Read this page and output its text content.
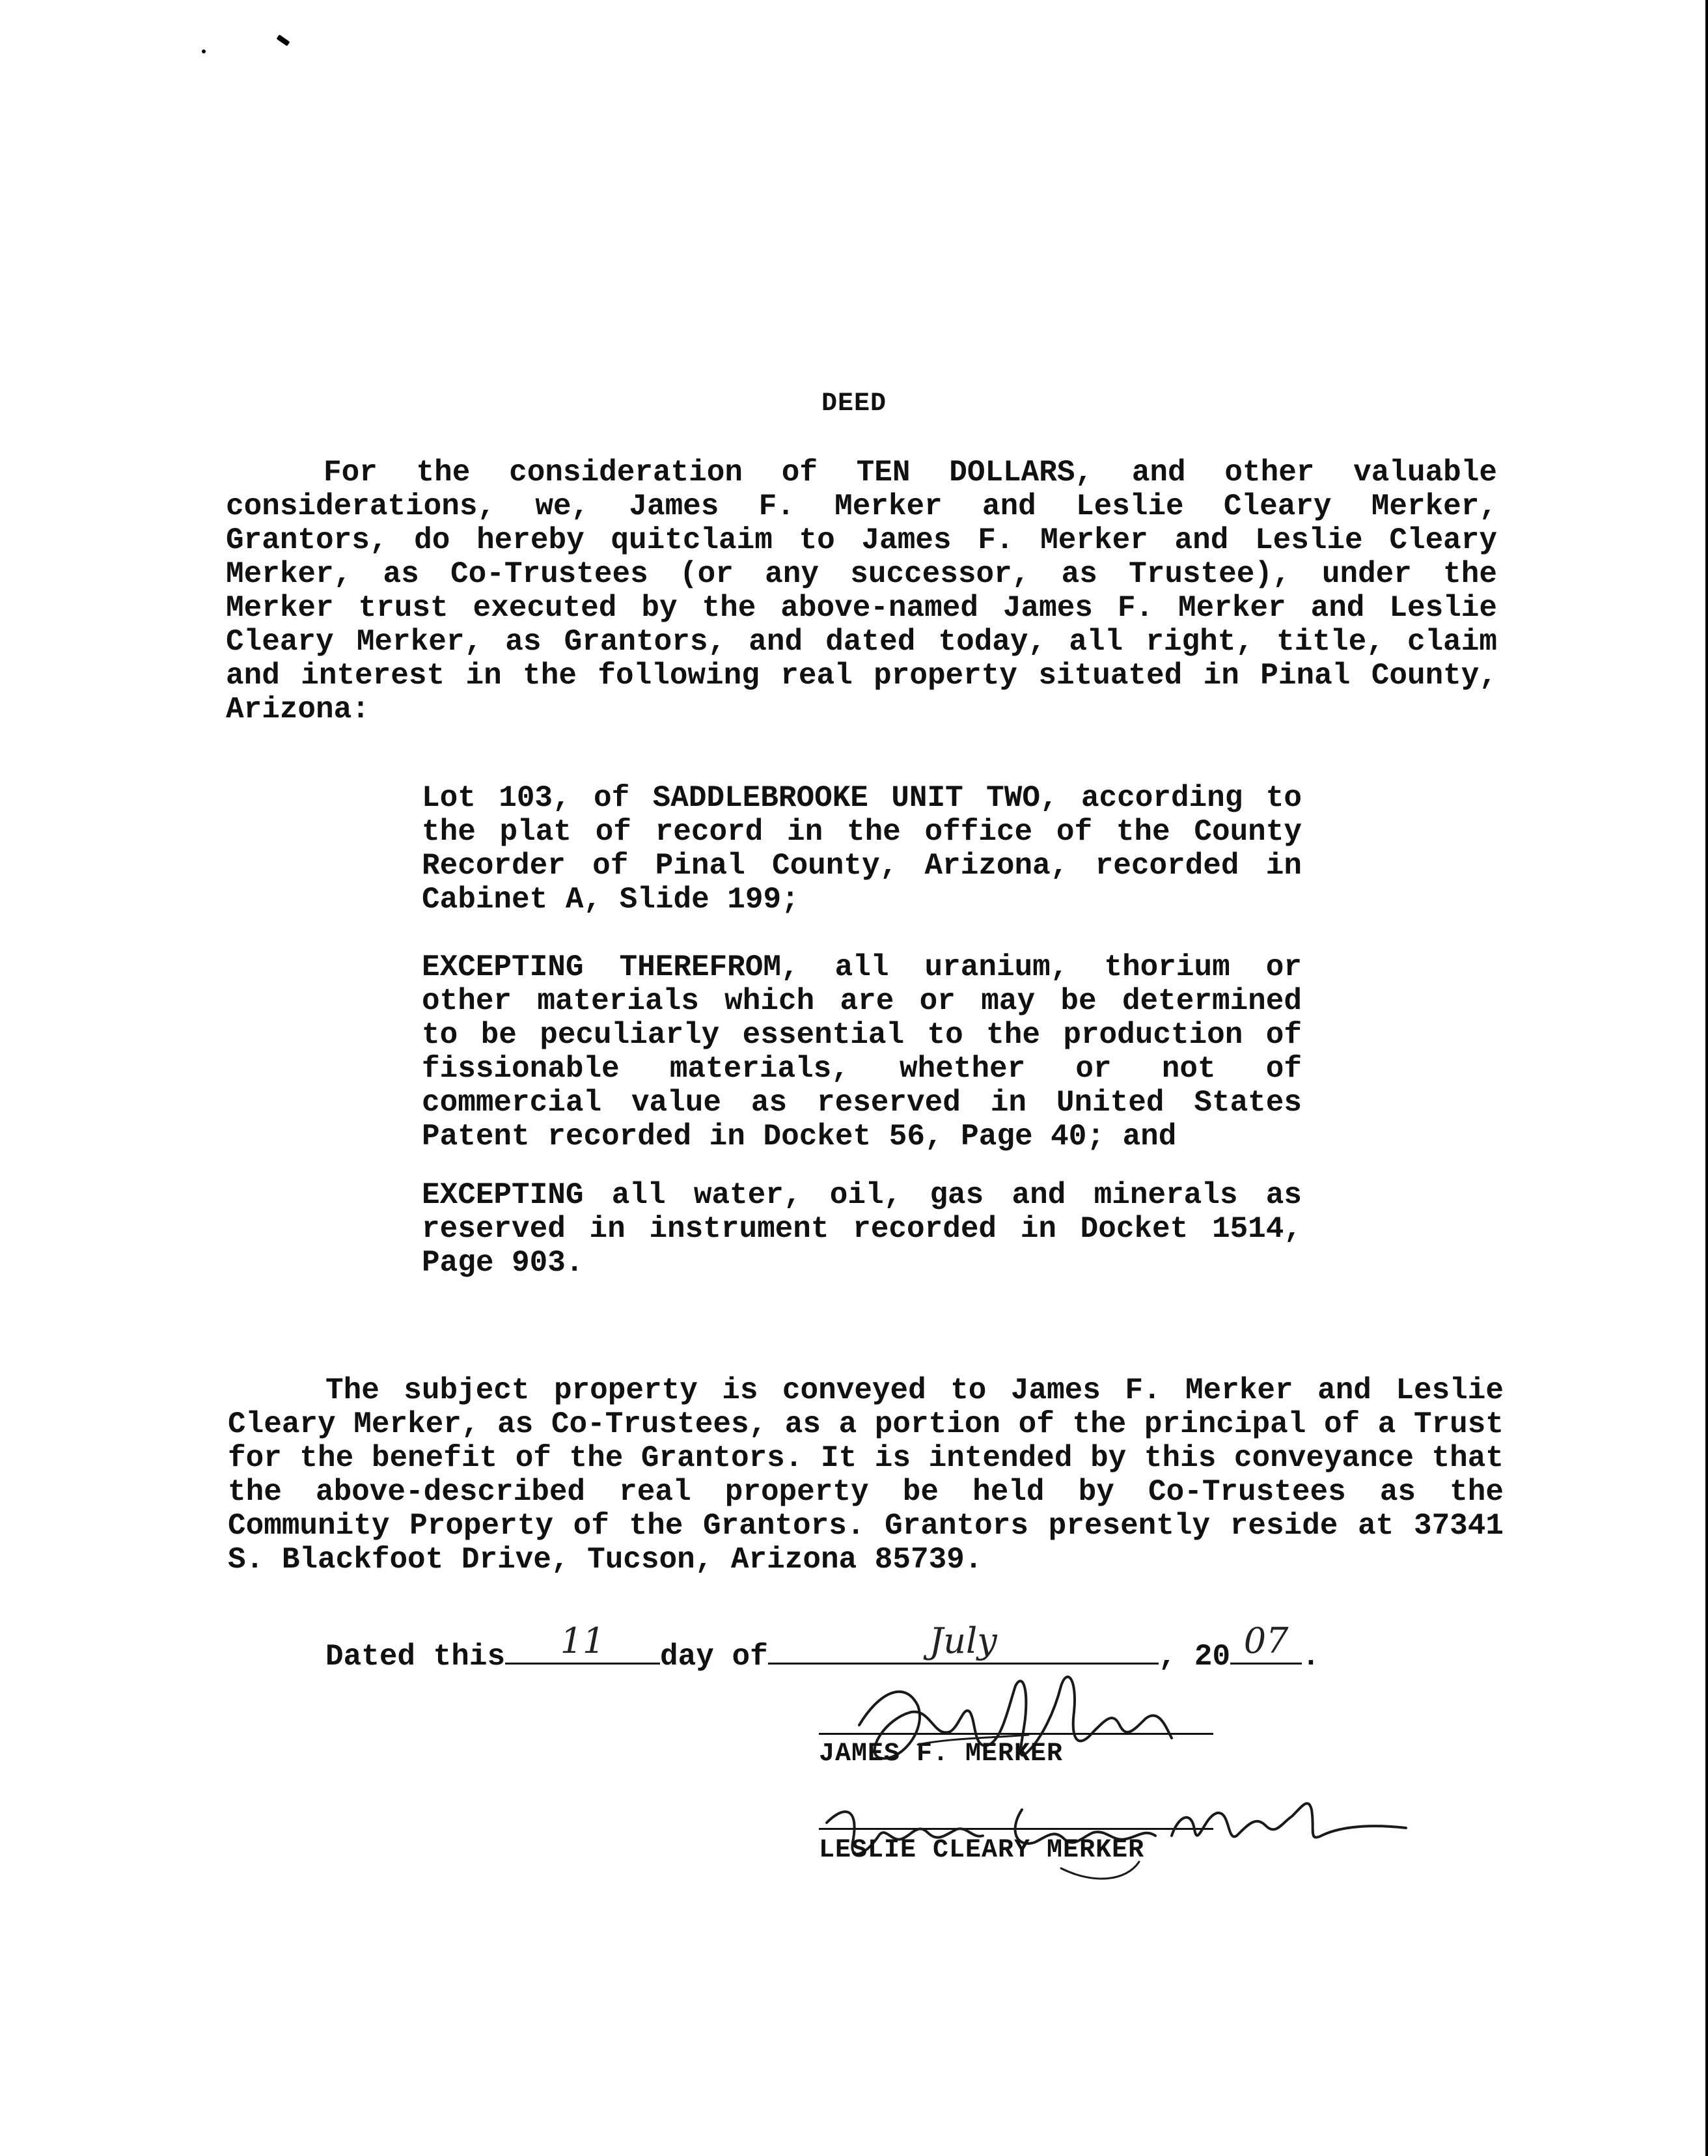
DEED

For the consideration of TEN DOLLARS, and other valuable considerations, we, James F. Merker and Leslie Cleary Merker, Grantors, do hereby quitclaim to James F. Merker and Leslie Cleary Merker, as Co-Trustees (or any successor, as Trustee), under the Merker trust executed by the above-named James F. Merker and Leslie Cleary Merker, as Grantors, and dated today, all right, title, claim and interest in the following real property situated in Pinal County, Arizona:

Lot 103, of SADDLEBROOKE UNIT TWO, according to the plat of record in the office of the County Recorder of Pinal County, Arizona, recorded in Cabinet A, Slide 199;

EXCEPTING THEREFROM, all uranium, thorium or other materials which are or may be determined to be peculiarly essential to the production of fissionable materials, whether or not of commercial value as reserved in United States Patent recorded in Docket 56, Page 40; and

EXCEPTING all water, oil, gas and minerals as reserved in instrument recorded in Docket 1514, Page 903.

The subject property is conveyed to James F. Merker and Leslie Cleary Merker, as Co-Trustees, as a portion of the principal of a Trust for the benefit of the Grantors. It is intended by this conveyance that the above-described real property be held by Co-Trustees as the Community Property of the Grantors. Grantors presently reside at 37341 S. Blackfoot Drive, Tucson, Arizona 85739.

Dated this	11	day of	July	, 20 07 .
JAMES F. MERKER
LESLIE CLEARY MERKER
